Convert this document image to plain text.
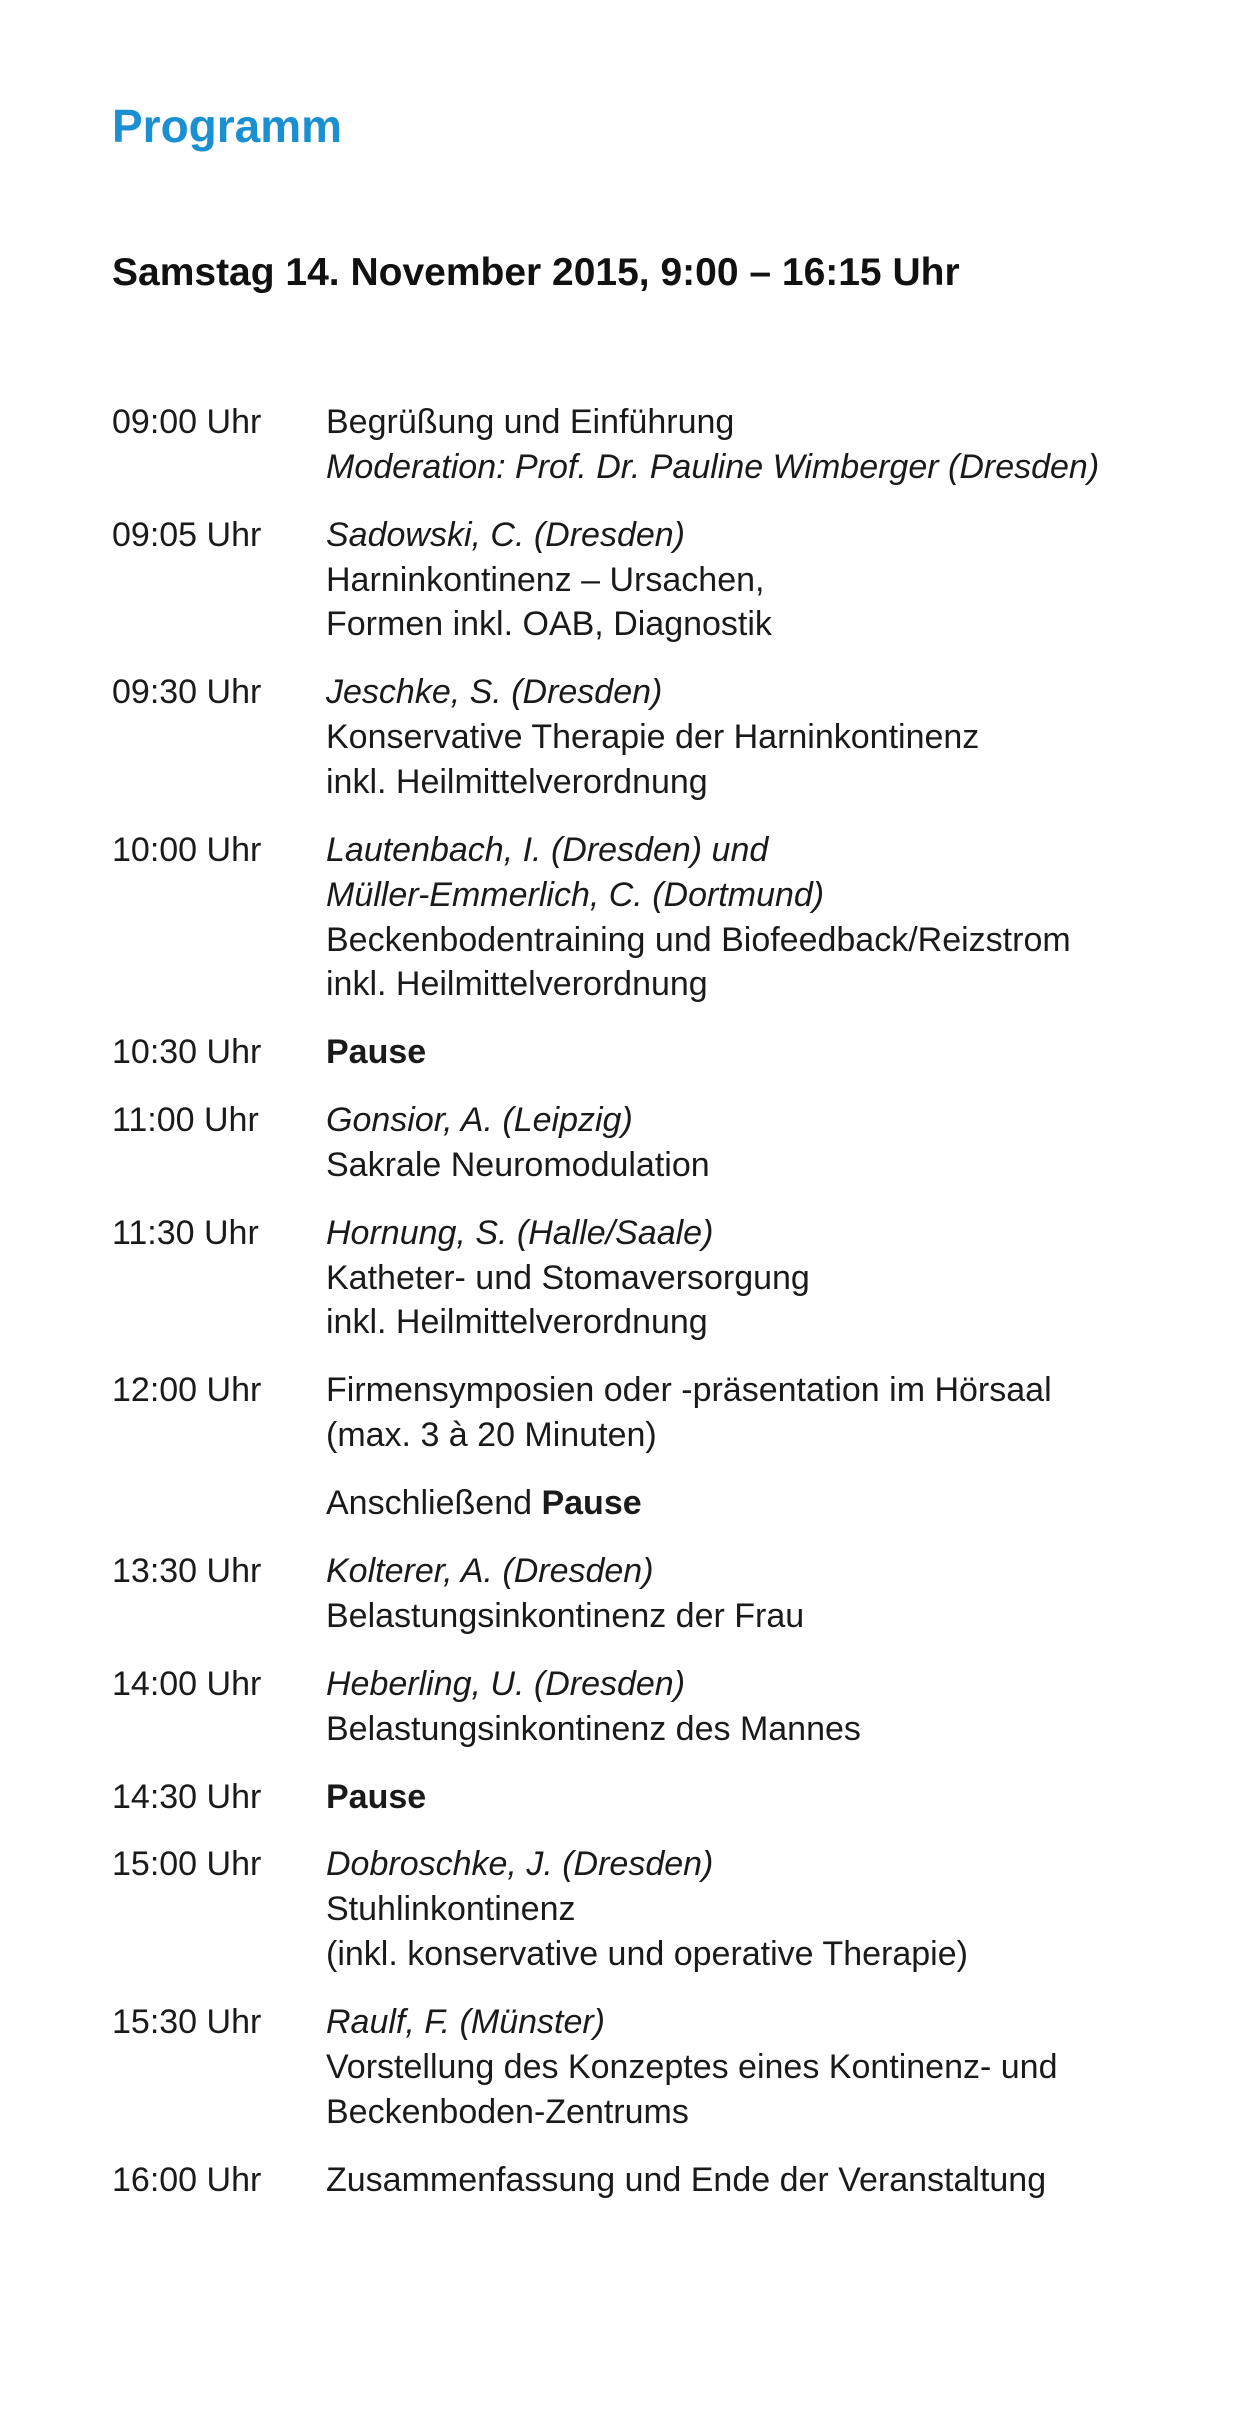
Programm
Samstag 14. November 2015, 9:00 – 16:15 Uhr
09:00 Uhr	Begrüßung und Einführung
Moderation: Prof. Dr. Pauline Wimberger (Dresden)
09:05 Uhr	Sadowski, C. (Dresden)
Harninkontinenz – Ursachen,
Formen inkl. OAB, Diagnostik
09:30 Uhr	Jeschke, S. (Dresden)
Konservative Therapie der Harninkontinenz
inkl. Heilmittelverordnung
10:00 Uhr	Lautenbach, I. (Dresden) und
Müller-Emmerlich, C. (Dortmund)
Beckenbodentraining und Biofeedback/Reizstrom
inkl. Heilmittelverordnung
10:30 Uhr	Pause
11:00 Uhr	Gonsior, A. (Leipzig)
Sakrale Neuromodulation
11:30 Uhr	Hornung, S. (Halle/Saale)
Katheter- und Stomaversorgung
inkl. Heilmittelverordnung
12:00 Uhr	Firmensymposien oder -präsentation im Hörsaal
(max. 3 à 20 Minuten)
Anschließend Pause
13:30 Uhr	Kolterer, A. (Dresden)
Belastungsinkontinenz der Frau
14:00 Uhr	Heberling, U. (Dresden)
Belastungsinkontinenz des Mannes
14:30 Uhr	Pause
15:00 Uhr	Dobroschke, J. (Dresden)
Stuhlinkontinenz
(inkl. konservative und operative Therapie)
15:30 Uhr	Raulf, F. (Münster)
Vorstellung des Konzeptes eines Kontinenz- und
Beckenboden-Zentrums
16:00 Uhr	Zusammenfassung und Ende der Veranstaltung
